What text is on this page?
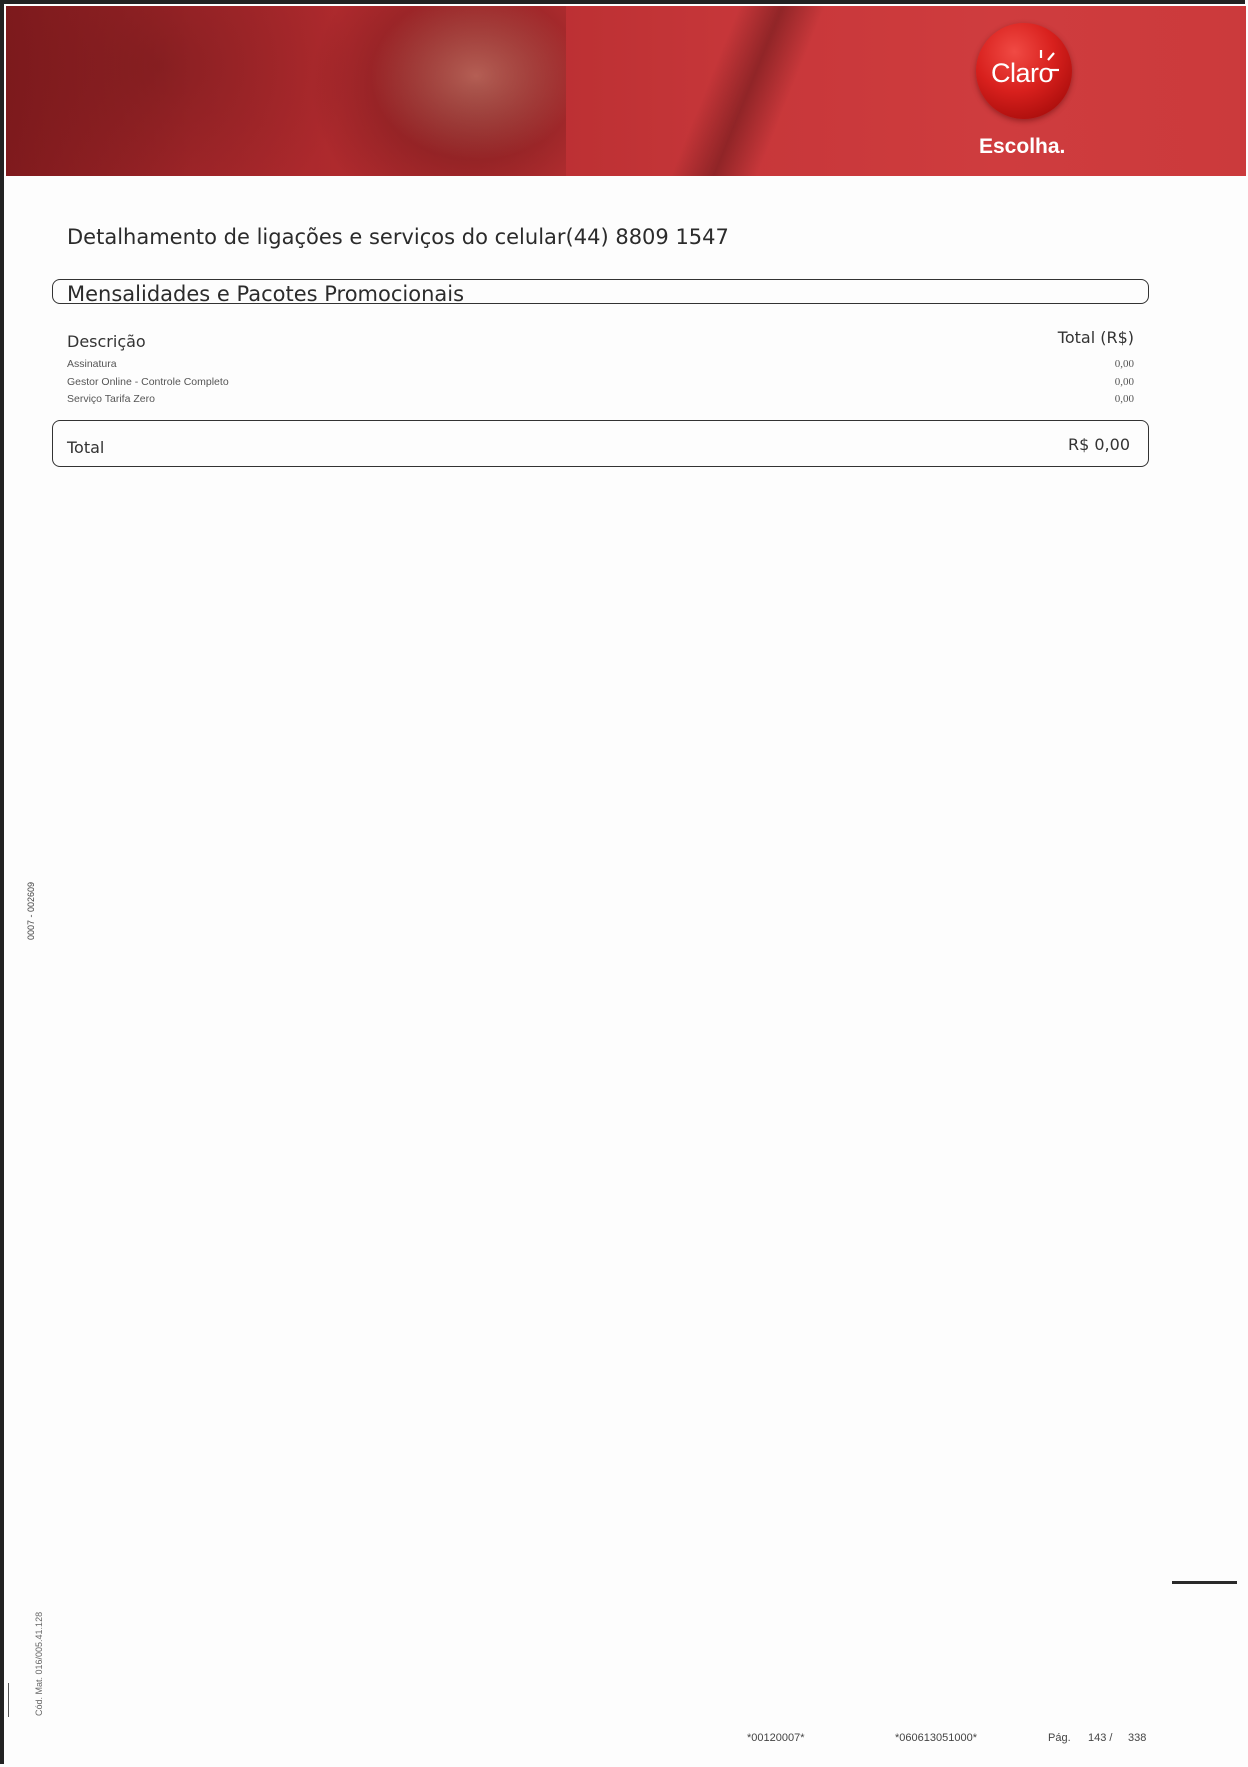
Claro
Escolha.
Detalhamento de ligações e serviços do celular(44) 8809 1547
Mensalidades e Pacotes Promocionais
Descrição	Total (R$)
Assinatura	0,00
Gestor Online - Controle Completo	0,00
Serviço Tarifa Zero	0,00
Total	R$ 0,00
0007 - 002609
Cód. Mat. 016/005.41.128
*00120007*	*060613051000*	Pág. 143 / 338
